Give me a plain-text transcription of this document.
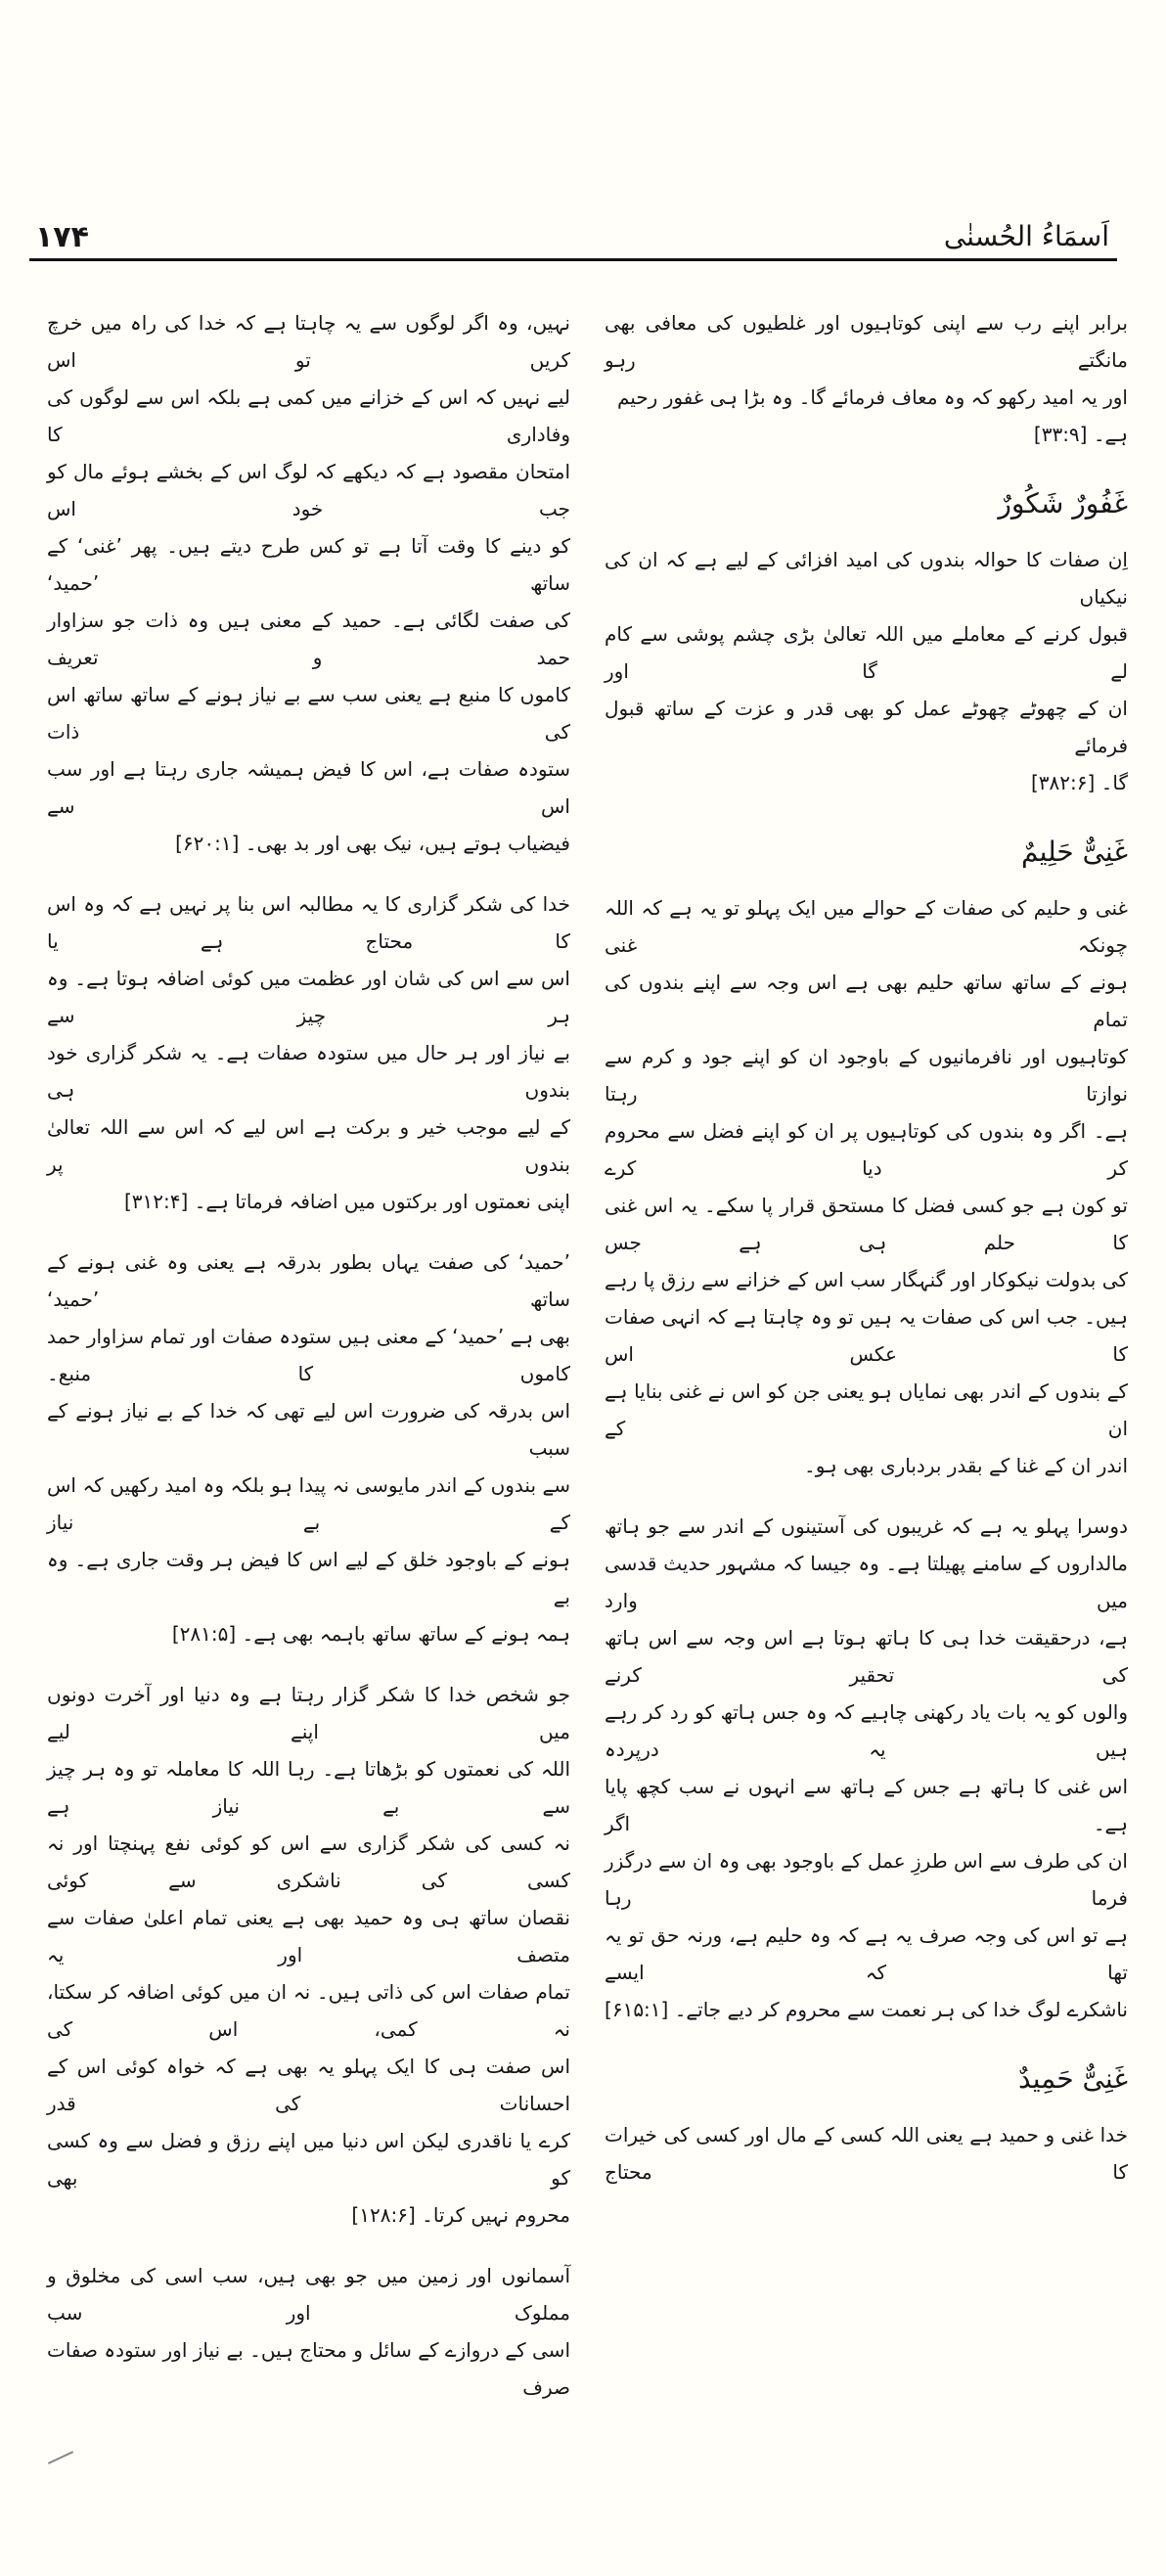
۱۷۴	اَسمَاءُ الحُسنٰی
برابر اپنے رب سے اپنی کوتاہیوں اور غلطیوں کی معافی بھی مانگتے رہو
اور یہ امید رکھو کہ وہ معاف فرمائے گا۔ وہ بڑا ہی غفور رحیم ہے۔ [۳۳:۹]
غَفُورٌ شَکُورٌ
اِن صفات کا حوالہ بندوں کی امید افزائی کے لیے ہے کہ ان کی نیکیاں
قبول کرنے کے معاملے میں اللہ تعالیٰ بڑی چشم پوشی سے کام لے گا اور
ان کے چھوٹے چھوٹے عمل کو بھی قدر و عزت کے ساتھ قبول فرمائے
گا۔ [۳۸۲:۶]
غَنِیٌّ حَلِیمٌ
غنی و حلیم کی صفات کے حوالے میں ایک پہلو تو یہ ہے کہ اللہ چونکہ غنی
ہونے کے ساتھ ساتھ حلیم بھی ہے اس وجہ سے اپنے بندوں کی تمام
کوتاہیوں اور نافرمانیوں کے باوجود ان کو اپنے جود و کرم سے نوازتا رہتا
ہے۔ اگر وہ بندوں کی کوتاہیوں پر ان کو اپنے فضل سے محروم کر دیا کرے
تو کون ہے جو کسی فضل کا مستحق قرار پا سکے۔ یہ اس غنی کا حلم ہی ہے جس
کی بدولت نیکوکار اور گنہگار سب اس کے خزانے سے رزق پا رہے
ہیں۔ جب اس کی صفات یہ ہیں تو وہ چاہتا ہے کہ انہی صفات کا عکس اس
کے بندوں کے اندر بھی نمایاں ہو یعنی جن کو اس نے غنی بنایا ہے ان کے
اندر ان کے غنا کے بقدر بردباری بھی ہو۔
دوسرا پہلو یہ ہے کہ غریبوں کی آستینوں کے اندر سے جو ہاتھ
مالداروں کے سامنے پھیلتا ہے۔ وہ جیسا کہ مشہور حدیث قدسی میں وارد
ہے، درحقیقت خدا ہی کا ہاتھ ہوتا ہے اس وجہ سے اس ہاتھ کی تحقیر کرنے
والوں کو یہ بات یاد رکھنی چاہیے کہ وہ جس ہاتھ کو رد کر رہے ہیں یہ درپردہ
اس غنی کا ہاتھ ہے جس کے ہاتھ سے انہوں نے سب کچھ پایا ہے۔ اگر
ان کی طرف سے اس طرزِ عمل کے باوجود بھی وہ ان سے درگزر فرما رہا
ہے تو اس کی وجہ صرف یہ ہے کہ وہ حلیم ہے، ورنہ حق تو یہ تھا کہ ایسے
ناشکرے لوگ خدا کی ہر نعمت سے محروم کر دیے جاتے۔ [۶۱۵:۱]
غَنِیٌّ حَمِیدٌ
خدا غنی و حمید ہے یعنی اللہ کسی کے مال اور کسی کی خیرات کا محتاج
نہیں، وہ اگر لوگوں سے یہ چاہتا ہے کہ خدا کی راہ میں خرچ کریں تو اس
لیے نہیں کہ اس کے خزانے میں کمی ہے بلکہ اس سے لوگوں کی وفاداری کا
امتحان مقصود ہے کہ دیکھے کہ لوگ اس کے بخشے ہوئے مال کو جب خود اس
کو دینے کا وقت آتا ہے تو کس طرح دیتے ہیں۔ پھر ’غنی‘ کے ساتھ ’حمید‘
کی صفت لگائی ہے۔ حمید کے معنی ہیں وہ ذات جو سزاوار حمد و تعریف
کاموں کا منبع ہے یعنی سب سے بے نیاز ہونے کے ساتھ ساتھ اس کی ذات
ستودہ صفات ہے، اس کا فیض ہمیشہ جاری رہتا ہے اور سب اس سے
فیضیاب ہوتے ہیں، نیک بھی اور بد بھی۔ [۶۲۰:۱]
خدا کی شکر گزاری کا یہ مطالبہ اس بنا پر نہیں ہے کہ وہ اس کا محتاج ہے یا
اس سے اس کی شان اور عظمت میں کوئی اضافہ ہوتا ہے۔ وہ ہر چیز سے
بے نیاز اور ہر حال میں ستودہ صفات ہے۔ یہ شکر گزاری خود بندوں ہی
کے لیے موجب خیر و برکت ہے اس لیے کہ اس سے اللہ تعالیٰ بندوں پر
اپنی نعمتوں اور برکتوں میں اضافہ فرماتا ہے۔ [۳۱۲:۴]
’حمید‘ کی صفت یہاں بطور بدرقہ ہے یعنی وہ غنی ہونے کے ساتھ ’حمید‘
بھی ہے ’حمید‘ کے معنی ہیں ستودہ صفات اور تمام سزاوار حمد کاموں کا منبع۔
اس بدرقہ کی ضرورت اس لیے تھی کہ خدا کے بے نیاز ہونے کے سبب
سے بندوں کے اندر مایوسی نہ پیدا ہو بلکہ وہ امید رکھیں کہ اس کے بے نیاز
ہونے کے باوجود خلق کے لیے اس کا فیض ہر وقت جاری ہے۔ وہ بے
ہمہ ہونے کے ساتھ ساتھ باہمہ بھی ہے۔ [۲۸۱:۵]
جو شخص خدا کا شکر گزار رہتا ہے وہ دنیا اور آخرت دونوں میں اپنے لیے
اللہ کی نعمتوں کو بڑھاتا ہے۔ رہا اللہ کا معاملہ تو وہ ہر چیز سے بے نیاز ہے
نہ کسی کی شکر گزاری سے اس کو کوئی نفع پہنچتا اور نہ کسی کی ناشکری سے کوئی
نقصان ساتھ ہی وہ حمید بھی ہے یعنی تمام اعلیٰ صفات سے متصف اور یہ
تمام صفات اس کی ذاتی ہیں۔ نہ ان میں کوئی اضافہ کر سکتا، نہ کمی، اس کی
اس صفت ہی کا ایک پہلو یہ بھی ہے کہ خواہ کوئی اس کے احسانات کی قدر
کرے یا ناقدری لیکن اس دنیا میں اپنے رزق و فضل سے وہ کسی کو بھی
محروم نہیں کرتا۔ [۱۲۸:۶]
آسمانوں اور زمین میں جو بھی ہیں، سب اسی کی مخلوق و مملوک اور سب
اسی کے دروازے کے سائل و محتاج ہیں۔ بے نیاز اور ستودہ صفات صرف
